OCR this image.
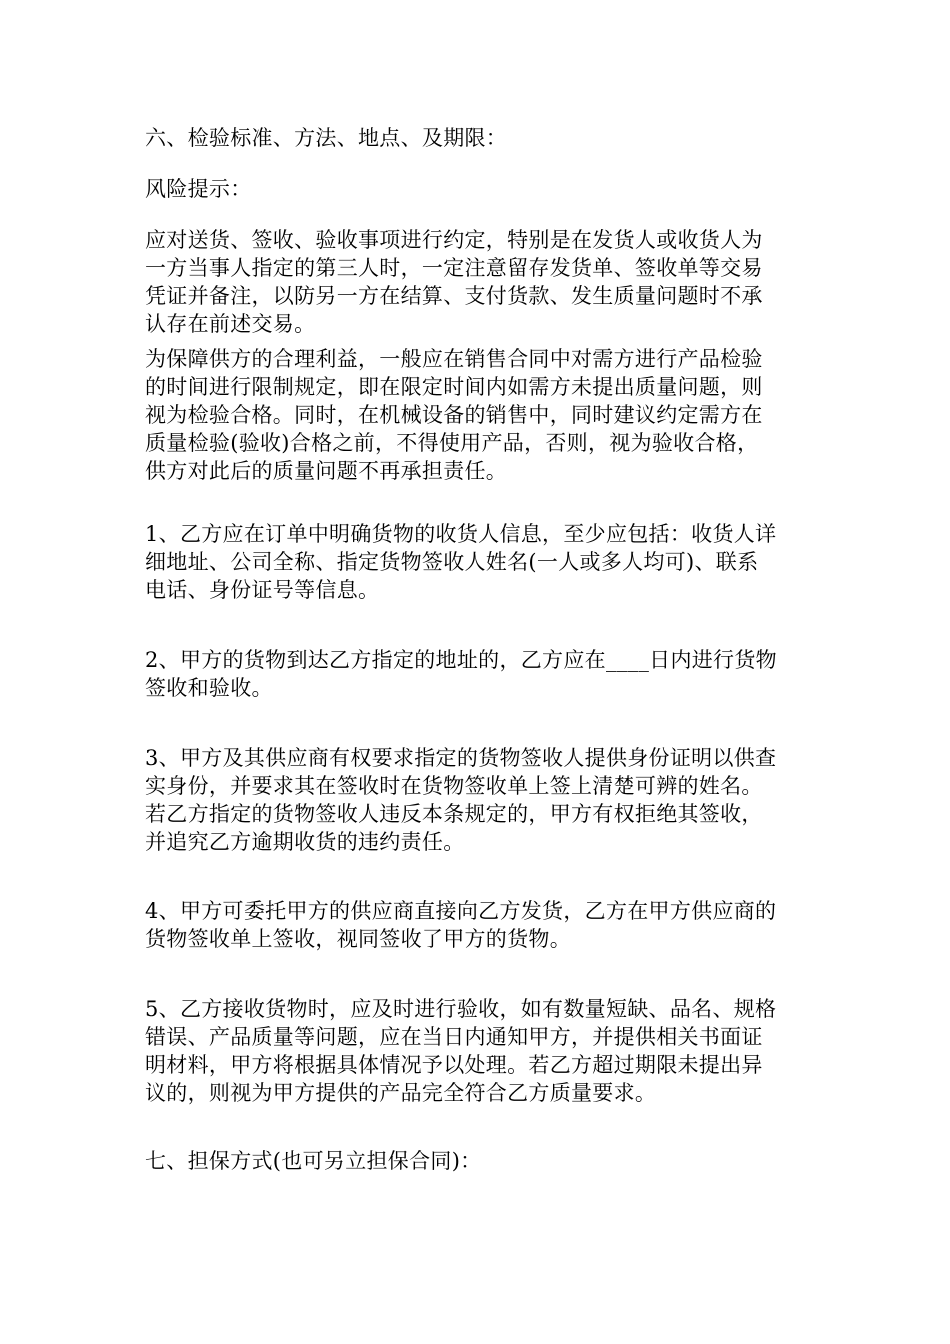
六、检验标准、方法、地点、及期限：

风险提示：

应对送货、签收、验收事项进行约定，特别是在发货人或收货人为
一方当事人指定的第三人时，一定注意留存发货单、签收单等交易
凭证并备注，以防另一方在结算、支付货款、发生质量问题时不承
认存在前述交易。

为保障供方的合理利益，一般应在销售合同中对需方进行产品检验
的时间进行限制规定，即在限定时间内如需方未提出质量问题，则
视为检验合格。同时，在机械设备的销售中，同时建议约定需方在
质量检验(验收)合格之前，不得使用产品，否则，视为验收合格，
供方对此后的质量问题不再承担责任。

1、乙方应在订单中明确货物的收货人信息，至少应包括：收货人详
细地址、公司全称、指定货物签收人姓名(一人或多人均可)、联系
电话、身份证号等信息。

2、甲方的货物到达乙方指定的地址的，乙方应在____日内进行货物
签收和验收。

3、甲方及其供应商有权要求指定的货物签收人提供身份证明以供查
实身份，并要求其在签收时在货物签收单上签上清楚可辨的姓名。
若乙方指定的货物签收人违反本条规定的，甲方有权拒绝其签收，
并追究乙方逾期收货的违约责任。

4、甲方可委托甲方的供应商直接向乙方发货，乙方在甲方供应商的
货物签收单上签收，视同签收了甲方的货物。

5、乙方接收货物时，应及时进行验收，如有数量短缺、品名、规格
错误、产品质量等问题，应在当日内通知甲方，并提供相关书面证
明材料，甲方将根据具体情况予以处理。若乙方超过期限未提出异
议的，则视为甲方提供的产品完全符合乙方质量要求。

七、担保方式(也可另立担保合同)：
